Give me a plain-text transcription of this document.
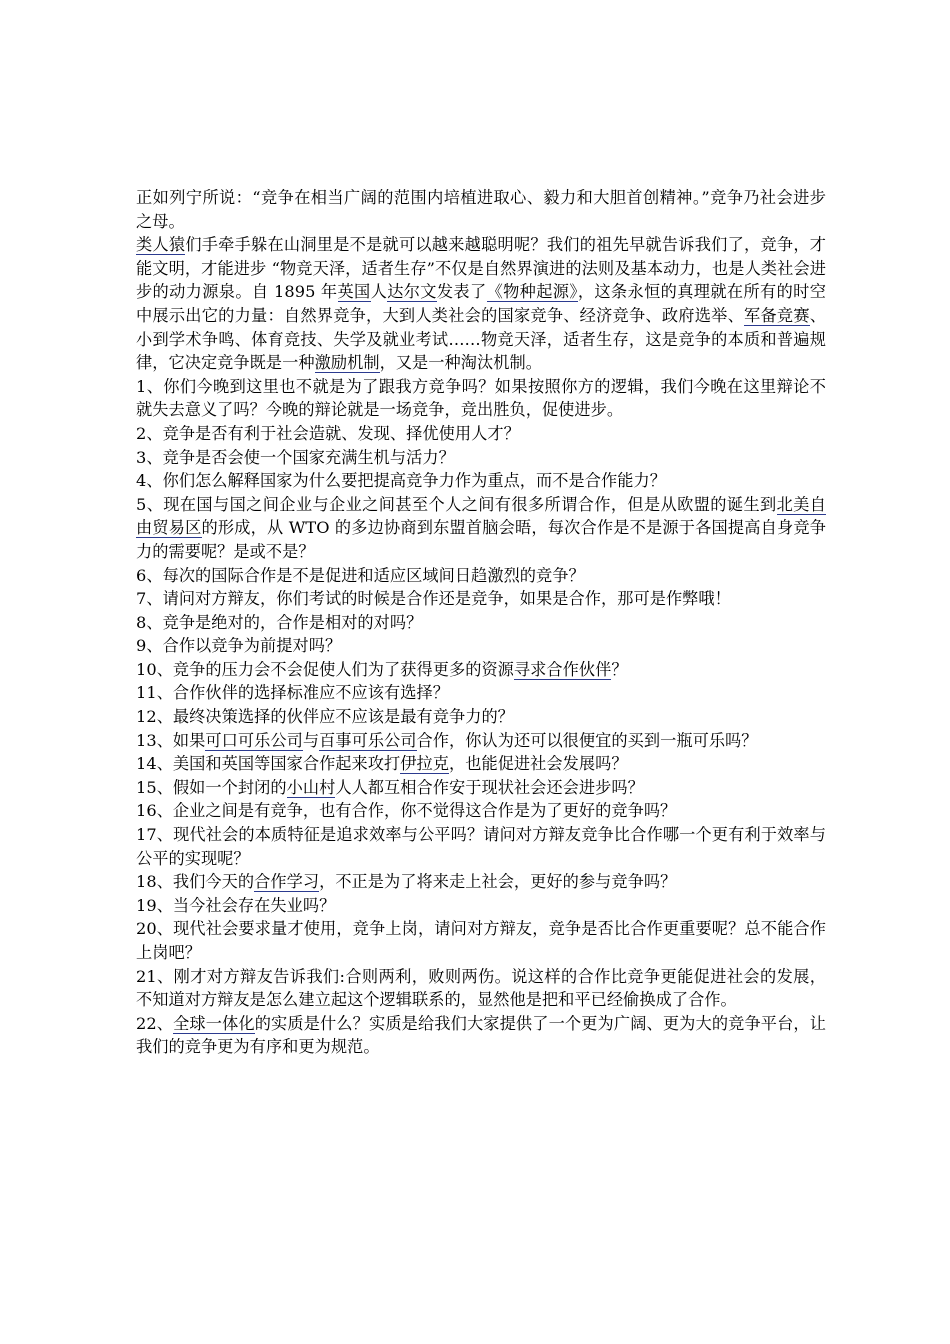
正如列宁所说：“竞争在相当广阔的范围内培植进取心、毅力和大胆首创精神。”竞争乃社会进步之母。

类人猿们手牵手躲在山洞里是不是就可以越来越聪明呢？我们的祖先早就告诉我们了，竞争，才能文明，才能进步 “物竞天泽，适者生存”不仅是自然界演进的法则及基本动力，也是人类社会进步的动力源泉。自 1895 年英国人达尔文发表了《物种起源》，这条永恒的真理就在所有的时空中展示出它的力量：自然界竞争，大到人类社会的国家竞争、经济竞争、政府选举、军备竞赛、小到学术争鸣、体育竞技、失学及就业考试……物竞天泽，适者生存，这是竞争的本质和普遍规律，它决定竞争既是一种激励机制，又是一种淘汰机制。

1、你们今晚到这里也不就是为了跟我方竞争吗？如果按照你方的逻辑，我们今晚在这里辩论不就失去意义了吗？今晚的辩论就是一场竞争，竞出胜负，促使进步。

2、竞争是否有利于社会造就、发现、择优使用人才？

3、竞争是否会使一个国家充满生机与活力？

4、你们怎么解释国家为什么要把提高竞争力作为重点，而不是合作能力？

5、现在国与国之间企业与企业之间甚至个人之间有很多所谓合作，但是从欧盟的诞生到北美自由贸易区的形成，从 WTO 的多边协商到东盟首脑会晤，每次合作是不是源于各国提高自身竞争力的需要呢？是或不是？

6、每次的国际合作是不是促进和适应区域间日趋激烈的竞争？

7、请问对方辩友，你们考试的时候是合作还是竞争，如果是合作，那可是作弊哦！

8、竞争是绝对的，合作是相对的对吗？

9、合作以竞争为前提对吗？

10、竞争的压力会不会促使人们为了获得更多的资源寻求合作伙伴？

11、合作伙伴的选择标准应不应该有选择？

12、最终决策选择的伙伴应不应该是最有竞争力的？

13、如果可口可乐公司与百事可乐公司合作，你认为还可以很便宜的买到一瓶可乐吗？

14、美国和英国等国家合作起来攻打伊拉克，也能促进社会发展吗？

15、假如一个封闭的小山村人人都互相合作安于现状社会还会进步吗？

16、企业之间是有竞争，也有合作，你不觉得这合作是为了更好的竞争吗？

17、现代社会的本质特征是追求效率与公平吗？请问对方辩友竞争比合作哪一个更有利于效率与公平的实现呢？

18、我们今天的合作学习，不正是为了将来走上社会，更好的参与竞争吗？

19、当今社会存在失业吗？

20、现代社会要求量才使用，竞争上岗，请问对方辩友，竞争是否比合作更重要呢？总不能合作上岗吧？

21、刚才对方辩友告诉我们:合则两利，败则两伤。说这样的合作比竞争更能促进社会的发展，不知道对方辩友是怎么建立起这个逻辑联系的，显然他是把和平已经偷换成了合作。

22、全球一体化的实质是什么？实质是给我们大家提供了一个更为广阔、更为大的竞争平台，让我们的竞争更为有序和更为规范。
